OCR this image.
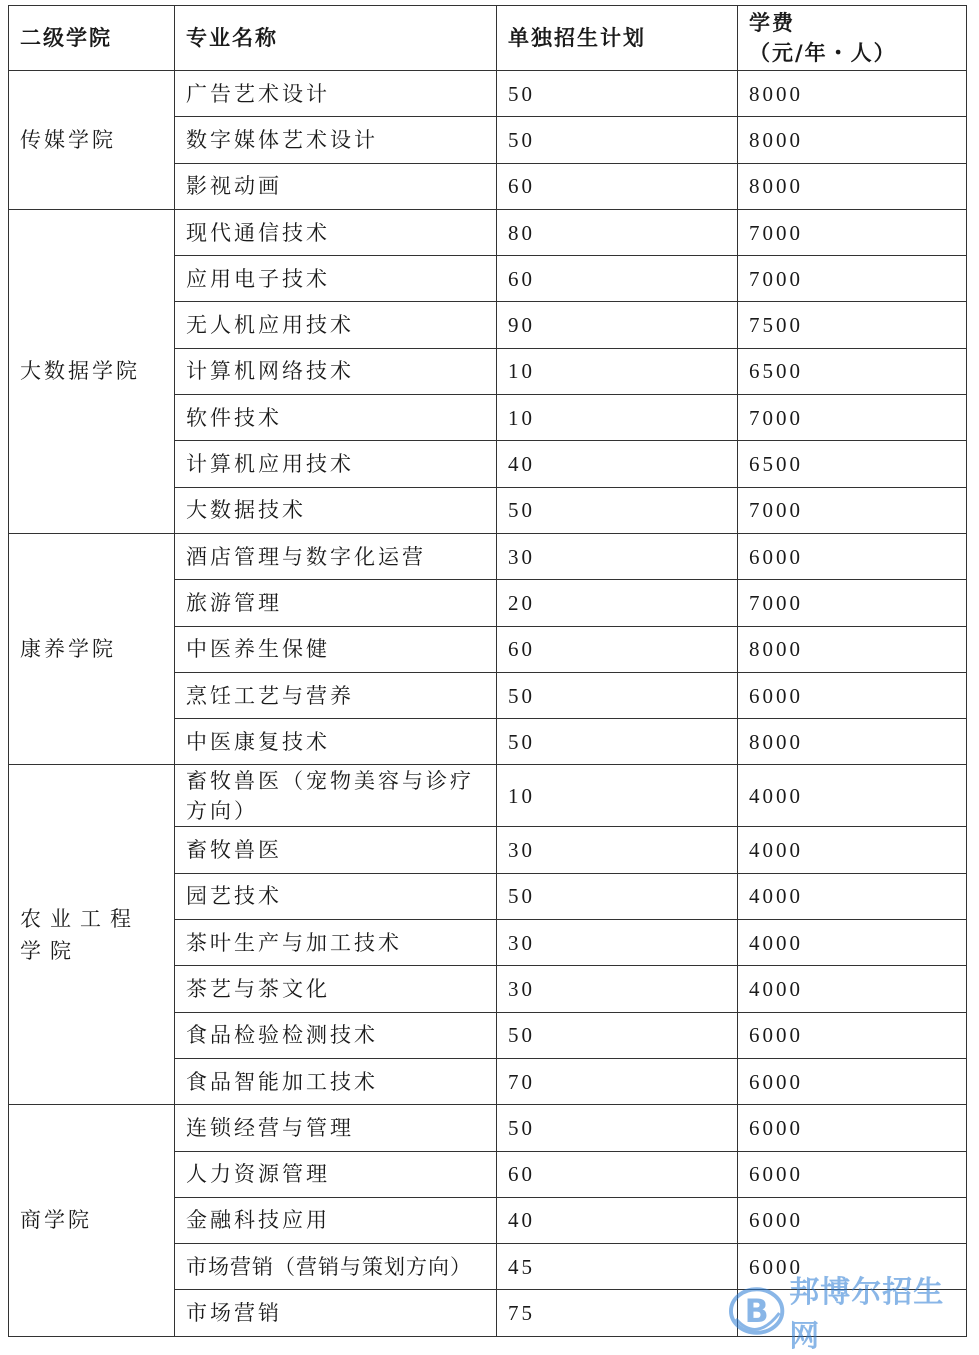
二级学院	专业名称	单独招生计划	学费
（元/年・人）

传媒学院	广告艺术设计	50	8000
	数字媒体艺术设计	50	8000
	影视动画	60	8000
大数据学院	现代通信技术	80	7000
	应用电子技术	60	7000
	无人机应用技术	90	7500
	计算机网络技术	10	6500
	软件技术	10	7000
	计算机应用技术	40	6500
	大数据技术	50	7000
康养学院	酒店管理与数字化运营	30	6000
	旅游管理	20	7000
	中医养生保健	60	8000
	烹饪工艺与营养	50	6000
	中医康复技术	50	8000
农业工程学院	畜牧兽医（宠物美容与诊疗方向）	10	4000
	畜牧兽医	30	4000
	园艺技术	50	4000
	茶叶生产与加工技术	30	4000
	茶艺与茶文化	30	4000
	食品检验检测技术	50	6000
	食品智能加工技术	70	6000
商学院	连锁经营与管理	50	6000
	人力资源管理	60	6000
	金融科技应用	40	6000
	市场营销（营销与策划方向）	45	6000
	市场营销	75		B
邦博尔招生网
